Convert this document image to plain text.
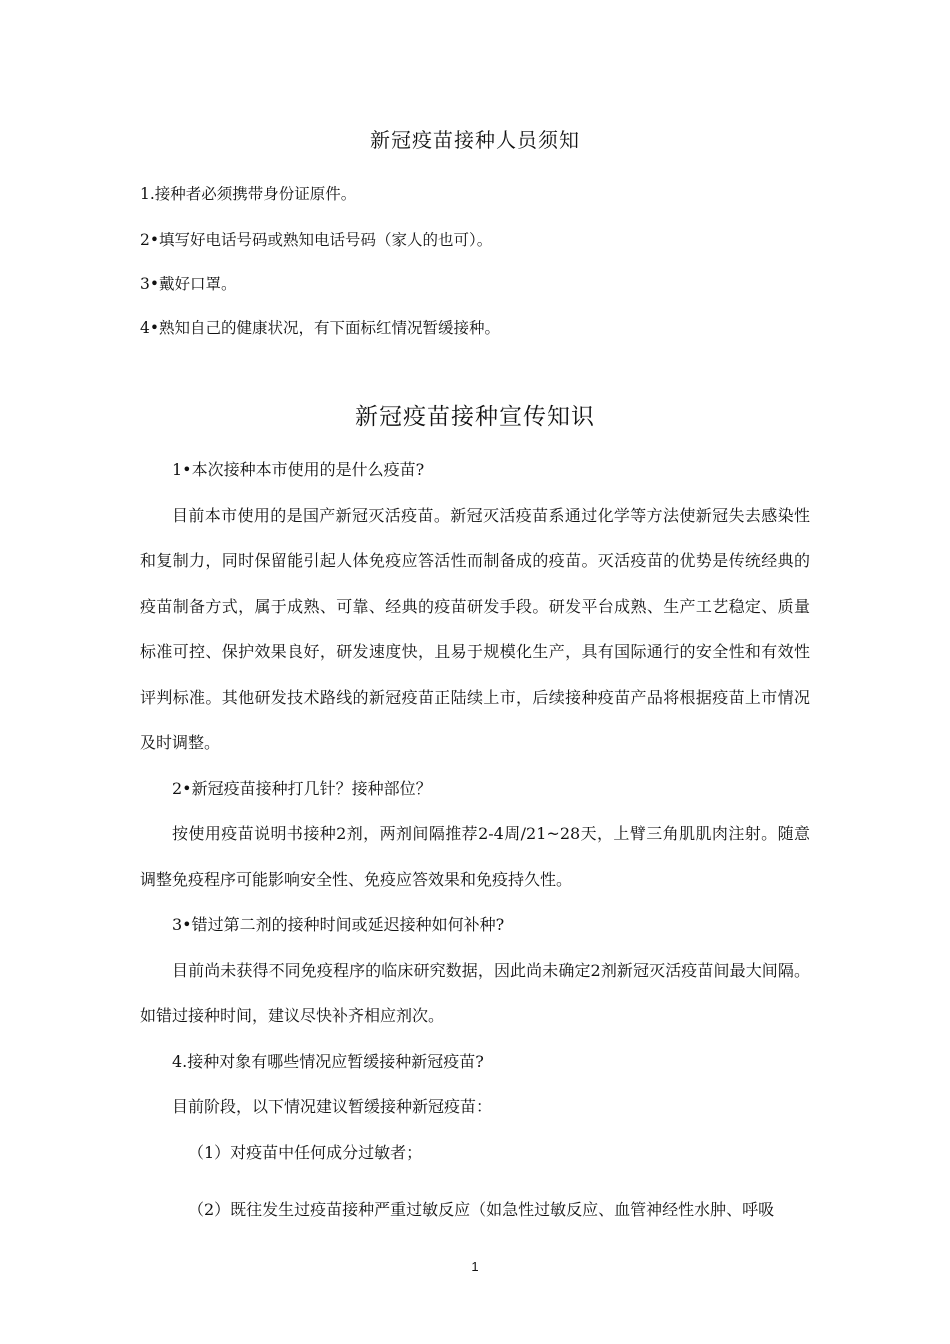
新冠疫苗接种人员须知
1.接种者必须携带身份证原件。
2•填写好电话号码或熟知电话号码（家人的也可）。
3•戴好口罩。
4•熟知自己的健康状况，有下面标红情况暂缓接种。
新冠疫苗接种宣传知识

1•本次接种本市使用的是什么疫苗?

目前本市使用的是国产新冠灭活疫苗。新冠灭活疫苗系通过化学等方法使新冠失去感染性和复制力，同时保留能引起人体免疫应答活性而制备成的疫苗。灭活疫苗的优势是传统经典的疫苗制备方式，属于成熟、可靠、经典的疫苗研发手段。研发平台成熟、生产工艺稳定、质量标准可控、保护效果良好，研发速度快，且易于规模化生产，具有国际通行的安全性和有效性评判标准。其他研发技术路线的新冠疫苗正陆续上市，后续接种疫苗产品将根据疫苗上市情况及时调整。

2•新冠疫苗接种打几针？接种部位？

按使用疫苗说明书接种2剂，两剂间隔推荐2-4周/21~28天，上臂三角肌肌肉注射。随意调整免疫程序可能影响安全性、免疫应答效果和免疫持久性。

3•错过第二剂的接种时间或延迟接种如何补种?

目前尚未获得不同免疫程序的临床研究数据，因此尚未确定2剂新冠灭活疫苗间最大间隔。如错过接种时间，建议尽快补齐相应剂次。

4.接种对象有哪些情况应暂缓接种新冠疫苗?

目前阶段，以下情况建议暂缓接种新冠疫苗：

（1）对疫苗中任何成分过敏者；

（2）既往发生过疫苗接种严重过敏反应（如急性过敏反应、血管神经性水肿、呼吸

1
